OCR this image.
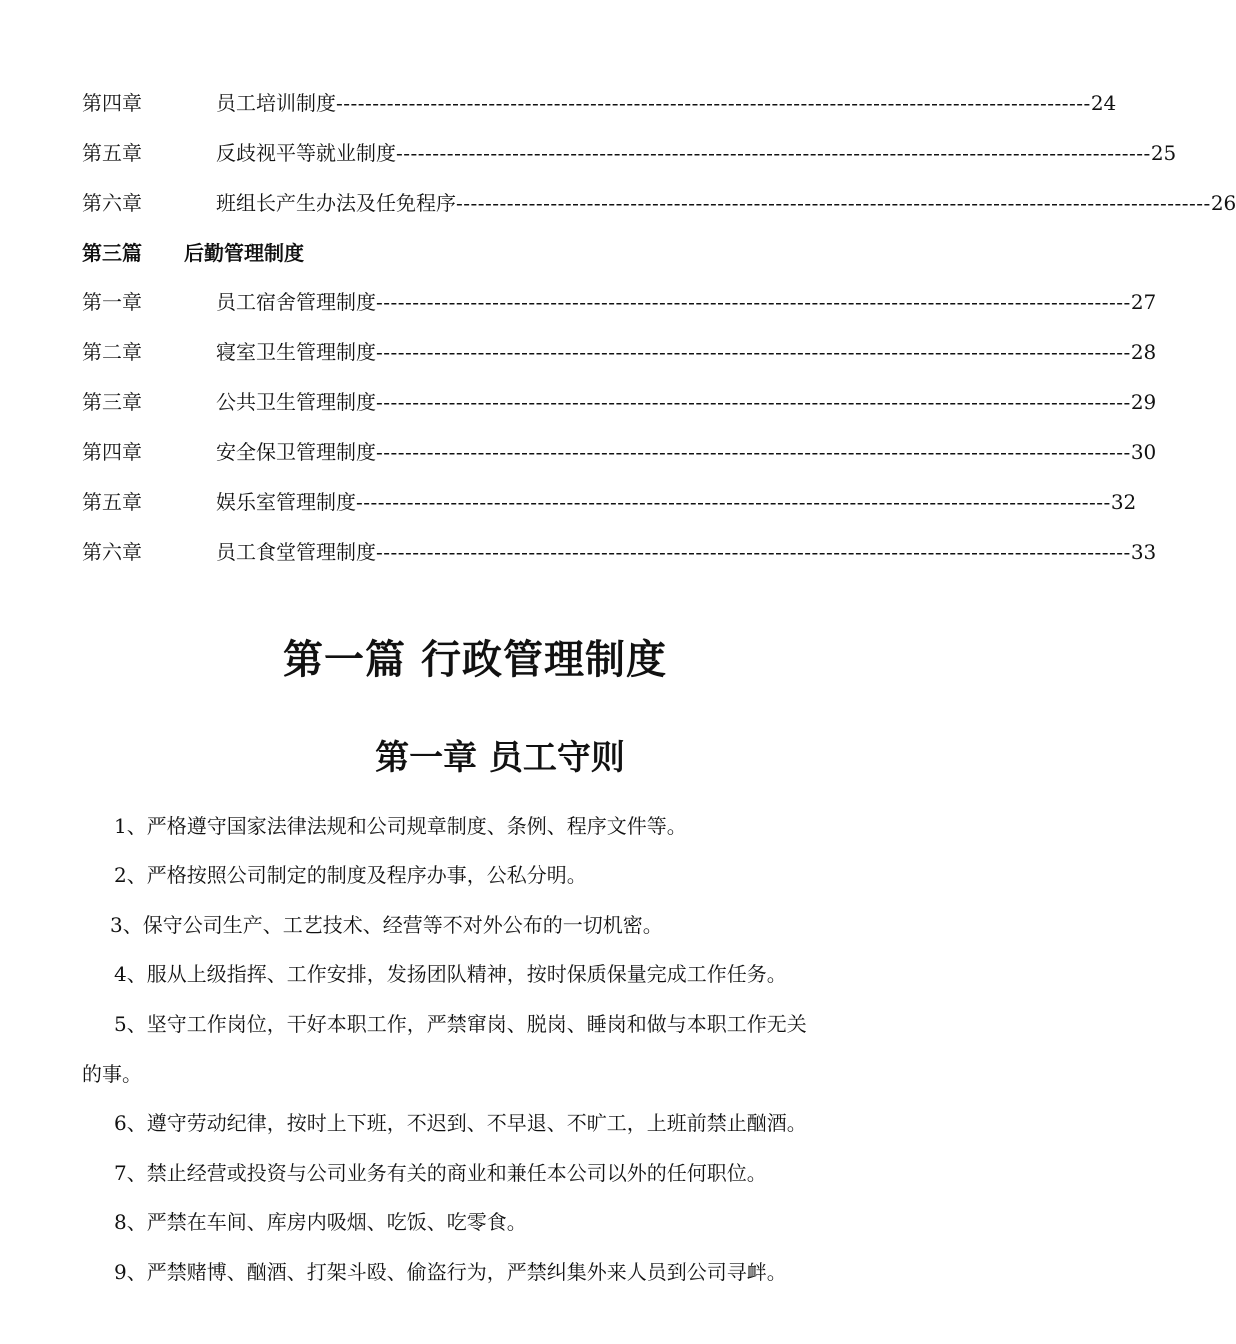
第四章	员工培训制度 -------------------------------------------------------------------------------------------------------- 24
第五章	反歧视平等就业制度 -------------------------------------------------------------------------------------------------------- 25
第六章	班组长产生办法及任免程序 -------------------------------------------------------------------------------------------------------- 26
第三篇	后勤管理制度
第一章	员工宿舍管理制度 -------------------------------------------------------------------------------------------------------- 27
第二章	寝室卫生管理制度 -------------------------------------------------------------------------------------------------------- 28
第三章	公共卫生管理制度 -------------------------------------------------------------------------------------------------------- 29
第四章	安全保卫管理制度 -------------------------------------------------------------------------------------------------------- 30
第五章	娱乐室管理制度 -------------------------------------------------------------------------------------------------------- 32
第六章	员工食堂管理制度 -------------------------------------------------------------------------------------------------------- 33
第一篇 行政管理制度
第一章 员工守则
1、严格遵守国家法律法规和公司规章制度、条例、程序文件等。
2、严格按照公司制定的制度及程序办事，公私分明。
3、保守公司生产、工艺技术、经营等不对外公布的一切机密。
4、服从上级指挥、工作安排，发扬团队精神，按时保质保量完成工作任务。
5、坚守工作岗位，干好本职工作，严禁窜岗、脱岗、睡岗和做与本职工作无关
的事。
6、遵守劳动纪律，按时上下班，不迟到、不早退、不旷工，上班前禁止酗酒。
7、禁止经营或投资与公司业务有关的商业和兼任本公司以外的任何职位。
8、严禁在车间、库房内吸烟、吃饭、吃零食。
9、严禁赌博、酗酒、打架斗殴、偷盗行为，严禁纠集外来人员到公司寻衅。
